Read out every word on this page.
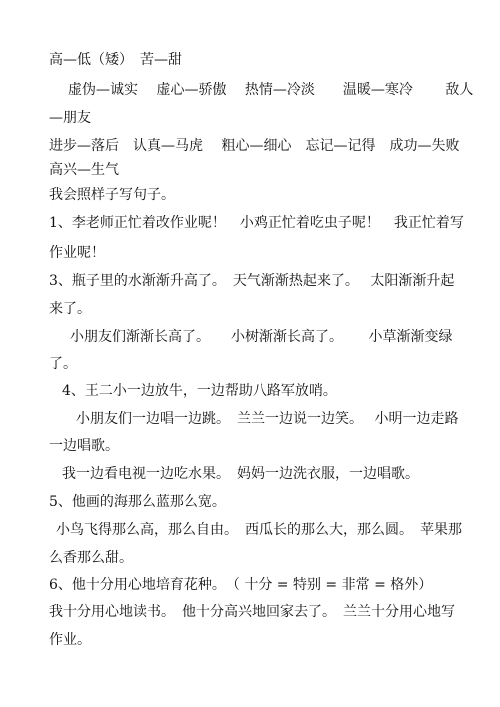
高—低（矮）　苦—甜
虚伪—诚实　 虚心—骄傲　 热情—冷淡　　温暖—寒冷　　 敌人
—朋友
进步—落后　认真—马虎　 粗心—细心　忘记—记得　成功—失败
高兴—生气
我会照样子写句子。
1、李老师正忙着改作业呢！　小鸡正忙着吃虫子呢！　我正忙着写
作业呢！
3、瓶子里的水渐渐升高了。　天气渐渐热起来了。　 太阳渐渐升起
来了。
小朋友们渐渐长高了。　　小树渐渐长高了。　　 小草渐渐变绿
了。
4、王二小一边放牛，一边帮助八路军放哨。
小朋友们一边唱一边跳。　兰兰一边说一边笑。　 小明一边走路
一边唱歌。
我一边看电视一边吃水果。　妈妈一边洗衣服，一边唱歌。
5、他画的海那么蓝那么宽。
小鸟飞得那么高，那么自由。　西瓜长的那么大，那么圆。　苹果那
么香那么甜。
6、他十分用心地培育花种。　（ 十分 = 特别 = 非常 = 格外）
我十分用心地读书。　他十分高兴地回家去了。　兰兰十分用心地写
作业。
